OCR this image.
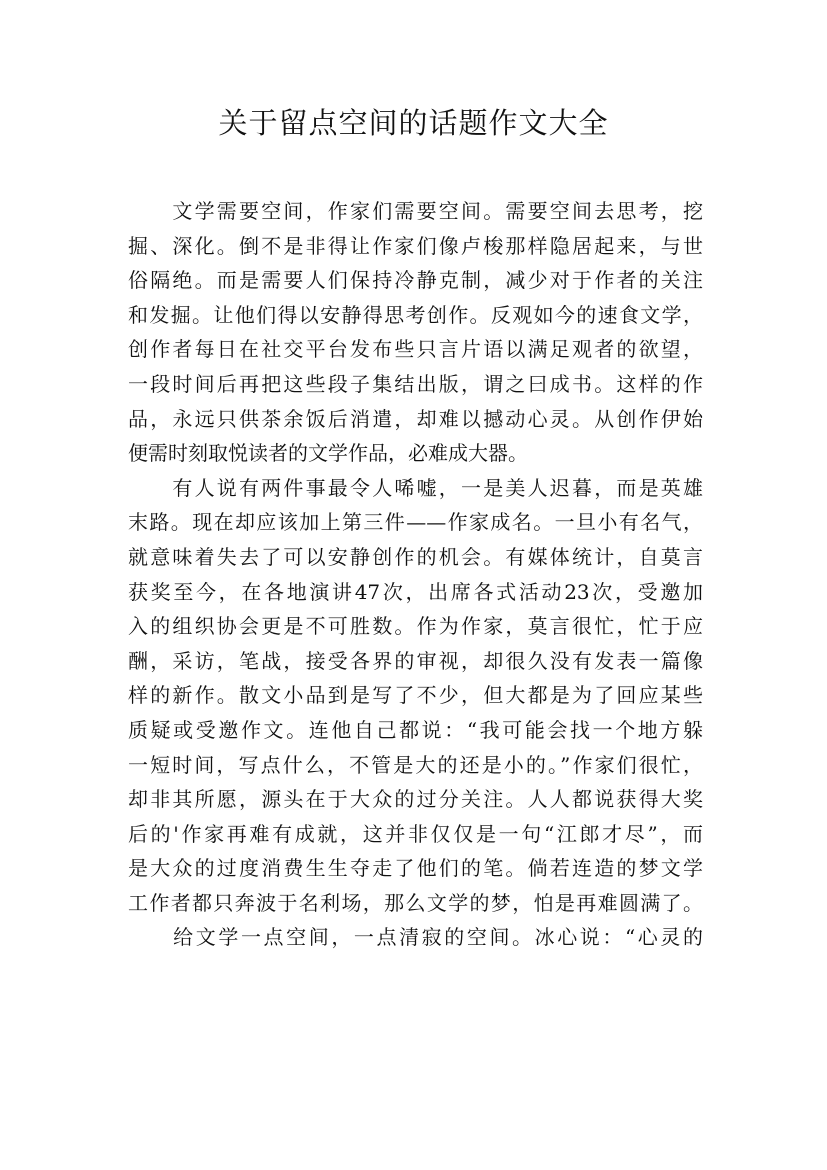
关于留点空间的话题作文大全

　　文学需要空间，作家们需要空间。需要空间去思考，挖

掘、深化。倒不是非得让作家们像卢梭那样隐居起来，与世

俗隔绝。而是需要人们保持冷静克制，减少对于作者的关注

和发掘。让他们得以安静得思考创作。反观如今的速食文学，

创作者每日在社交平台发布些只言片语以满足观者的欲望，

一段时间后再把这些段子集结出版，谓之曰成书。这样的作

品，永远只供茶余饭后消遣，却难以撼动心灵。从创作伊始

便需时刻取悦读者的文学作品，必难成大器。

　　有人说有两件事最令人唏嘘，一是美人迟暮，而是英雄

末路。现在却应该加上第三件——作家成名。一旦小有名气，

就意味着失去了可以安静创作的机会。有媒体统计，自莫言

获奖至今，在各地演讲47次，出席各式活动23次，受邀加

入的组织协会更是不可胜数。作为作家，莫言很忙，忙于应

酬，采访，笔战，接受各界的审视，却很久没有发表一篇像

样的新作。散文小品到是写了不少，但大都是为了回应某些

质疑或受邀作文。连他自己都说：“我可能会找一个地方躲

一短时间，写点什么，不管是大的还是小的。”作家们很忙，

却非其所愿，源头在于大众的过分关注。人人都说获得大奖

后的'作家再难有成就，这并非仅仅是一句“江郎才尽”，而

是大众的过度消费生生夺走了他们的笔。倘若连造的梦文学

工作者都只奔波于名利场，那么文学的梦，怕是再难圆满了。

　　给文学一点空间，一点清寂的空间。冰心说：“心灵的
